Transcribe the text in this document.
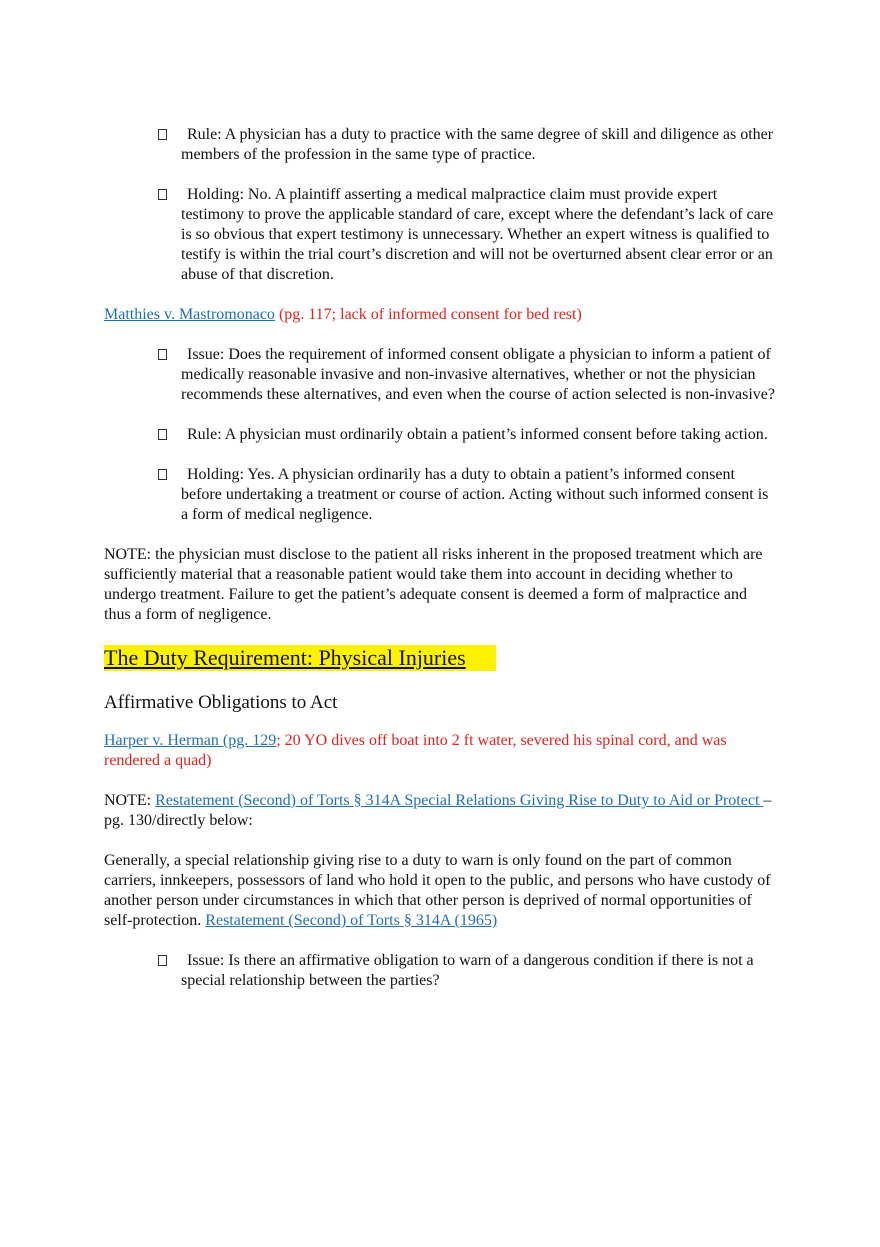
Rule: A physician has a duty to practice with the same degree of skill and diligence as other members of the profession in the same type of practice.
Holding: No. A plaintiff asserting a medical malpractice claim must provide expert testimony to prove the applicable standard of care, except where the defendant’s lack of care is so obvious that expert testimony is unnecessary. Whether an expert witness is qualified to testify is within the trial court’s discretion and will not be overturned absent clear error or an abuse of that discretion.

Matthies v. Mastromonaco (pg. 117; lack of informed consent for bed rest)

Issue: Does the requirement of informed consent obligate a physician to inform a patient of medically reasonable invasive and non-invasive alternatives, whether or not the physician recommends these alternatives, and even when the course of action selected is non-invasive?
Rule: A physician must ordinarily obtain a patient’s informed consent before taking action.
Holding: Yes. A physician ordinarily has a duty to obtain a patient’s informed consent before undertaking a treatment or course of action. Acting without such informed consent is a form of medical negligence.

NOTE: the physician must disclose to the patient all risks inherent in the proposed treatment which are sufficiently material that a reasonable patient would take them into account in deciding whether to undergo treatment. Failure to get the patient’s adequate consent is deemed a form of malpractice and thus a form of negligence.

The Duty Requirement: Physical Injuries
Affirmative Obligations to Act

Harper v. Herman (pg. 129; 20 YO dives off boat into 2 ft water, severed his spinal cord, and was rendered a quad)

NOTE: Restatement (Second) of Torts § 314A Special Relations Giving Rise to Duty to Aid or Protect – pg. 130/directly below:

Generally, a special relationship giving rise to a duty to warn is only found on the part of common carriers, innkeepers, possessors of land who hold it open to the public, and persons who have custody of another person under circumstances in which that other person is deprived of normal opportunities of self-protection. Restatement (Second) of Torts § 314A (1965)

Issue: Is there an affirmative obligation to warn of a dangerous condition if there is not a special relationship between the parties?
